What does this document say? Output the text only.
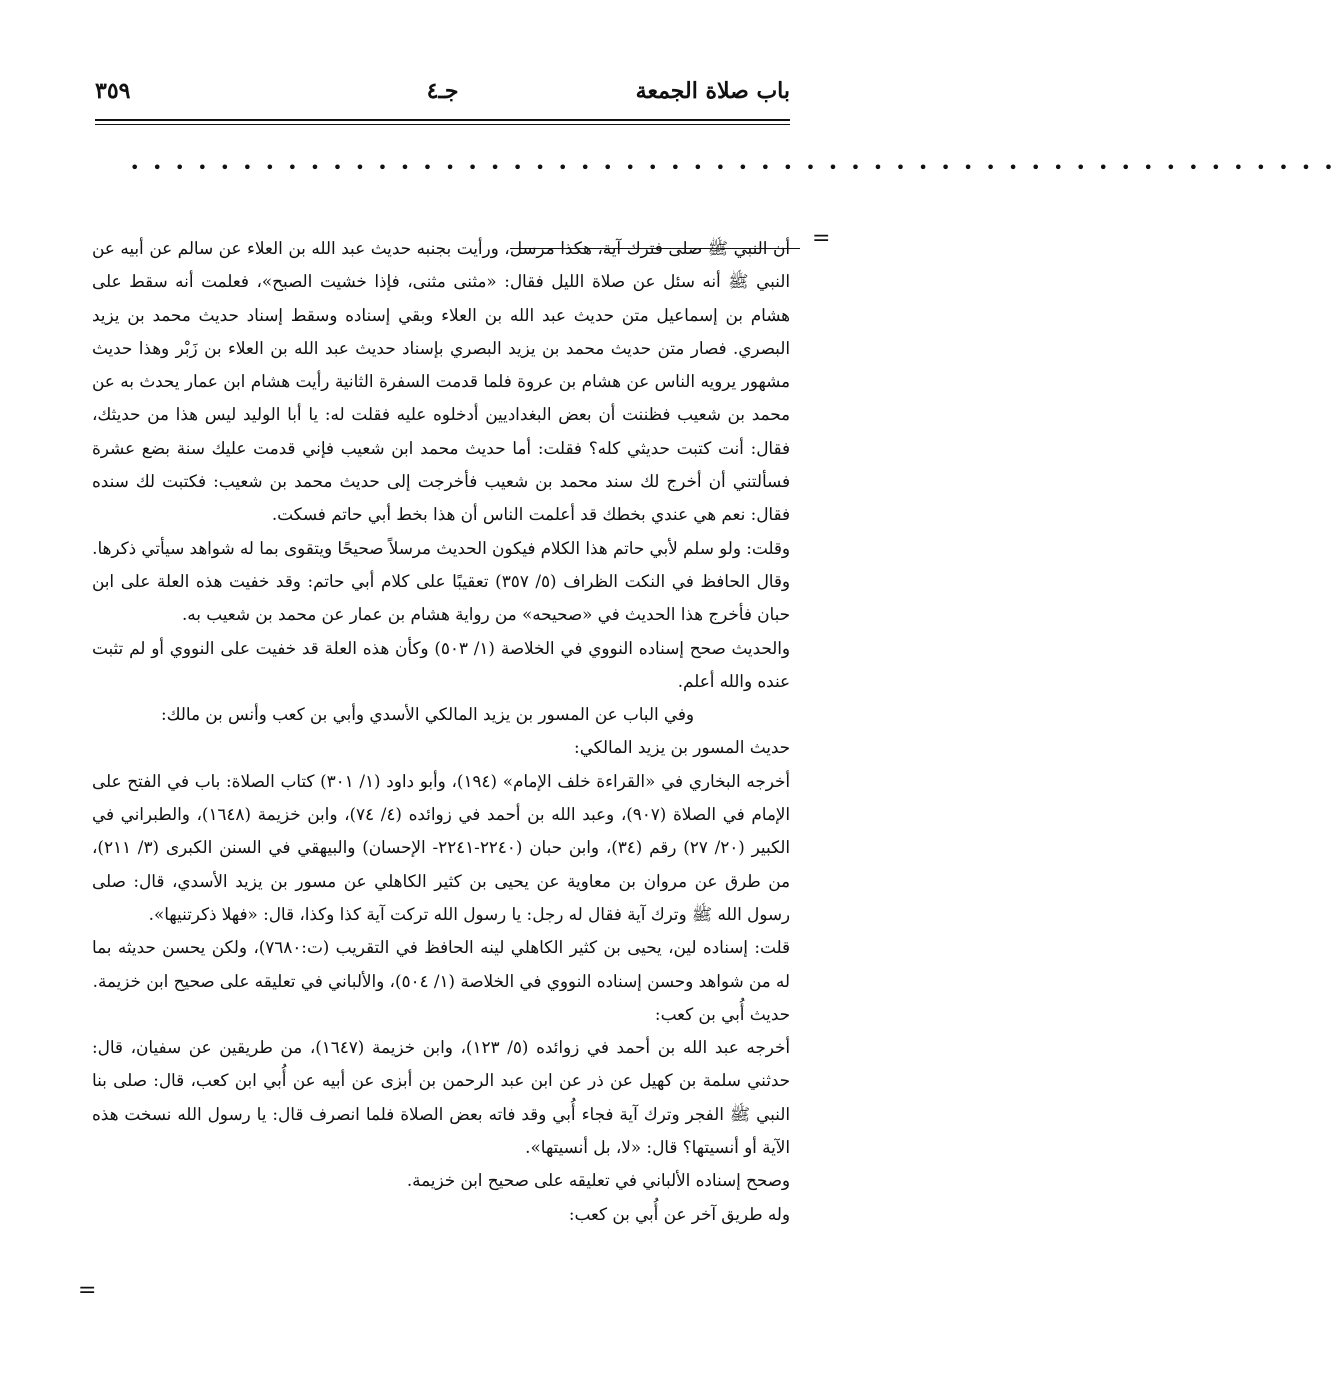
باب صلاة الجمعة
جـ٤
٣٥٩
• • • • • • • • • • • • • • • • • • • • • • • • • • • • • • • • • • • • • • • • • • • • • • • • • • • • • •
=

أن النبي ﷺ صلى فترك آية، هكذا مرسل، ورأيت بجنبه حديث عبد الله بن العلاء عن سالم عن أبيه عن النبي ﷺ أنه سئل عن صلاة الليل فقال: «مثنى مثنى، فإذا خشيت الصبح»، فعلمت أنه سقط على هشام بن إسماعيل متن حديث عبد الله بن العلاء وبقي إسناده وسقط إسناد حديث محمد بن يزيد البصري. فصار متن حديث محمد بن يزيد البصري بإسناد حديث عبد الله بن العلاء بن زَبْر وهذا حديث مشهور يرويه الناس عن هشام بن عروة فلما قدمت السفرة الثانية رأيت هشام ابن عمار يحدث به عن محمد بن شعيب فظننت أن بعض البغداديين أدخلوه عليه فقلت له: يا أبا الوليد ليس هذا من حديثك، فقال: أنت كتبت حديثي كله؟ فقلت: أما حديث محمد ابن شعيب فإني قدمت عليك سنة بضع عشرة فسألتني أن أخرج لك سند محمد بن شعيب فأخرجت إلى حديث محمد بن شعيب: فكتبت لك سنده فقال: نعم هي عندي بخطك قد أعلمت الناس أن هذا بخط أبي حاتم فسكت.

وقلت: ولو سلم لأبي حاتم هذا الكلام فيكون الحديث مرسلاً صحيحًا ويتقوى بما له شواهد سيأتي ذكرها.

وقال الحافظ في النكت الظراف (٥/ ٣٥٧) تعقيبًا على كلام أبي حاتم: وقد خفيت هذه العلة على ابن حبان فأخرج هذا الحديث في «صحيحه» من رواية هشام بن عمار عن محمد بن شعيب به.

والحديث صحح إسناده النووي في الخلاصة (١/ ٥٠٣) وكأن هذه العلة قد خفيت على النووي أو لم تثبت عنده والله أعلم.

وفي الباب عن المسور بن يزيد المالكي الأسدي وأبي بن كعب وأنس بن مالك:

حديث المسور بن يزيد المالكي:

أخرجه البخاري في «القراءة خلف الإمام» (١٩٤)، وأبو داود (١/ ٣٠١) كتاب الصلاة: باب في الفتح على الإمام في الصلاة (٩٠٧)، وعبد الله بن أحمد في زوائده (٤/ ٧٤)، وابن خزيمة (١٦٤٨)، والطبراني في الكبير (٢٠/ ٢٧) رقم (٣٤)، وابن حبان (٢٢٤٠-٢٢٤١- الإحسان) والبيهقي في السنن الكبرى (٣/ ٢١١)، من طرق عن مروان بن معاوية عن يحيى بن كثير الكاهلي عن مسور بن يزيد الأسدي، قال: صلى رسول الله ﷺ وترك آية فقال له رجل: يا رسول الله تركت آية كذا وكذا، قال: «فهلا ذكرتنيها».

قلت: إسناده لين، يحيى بن كثير الكاهلي لينه الحافظ في التقريب (ت:٧٦٨٠)، ولكن يحسن حديثه بما له من شواهد وحسن إسناده النووي في الخلاصة (١/ ٥٠٤)، والألباني في تعليقه على صحيح ابن خزيمة.

حديث أُبي بن كعب:

أخرجه عبد الله بن أحمد في زوائده (٥/ ١٢٣)، وابن خزيمة (١٦٤٧)، من طريقين عن سفيان، قال: حدثني سلمة بن كهيل عن ذر عن ابن عبد الرحمن بن أبزى عن أبيه عن أُبي ابن كعب، قال: صلى بنا النبي ﷺ الفجر وترك آية فجاء أُبي وقد فاته بعض الصلاة فلما انصرف قال: يا رسول الله نسخت هذه الآية أو أنسيتها؟ قال: «لا، بل أنسيتها».

وصحح إسناده الألباني في تعليقه على صحيح ابن خزيمة.

وله طريق آخر عن أُبي بن كعب:

=
